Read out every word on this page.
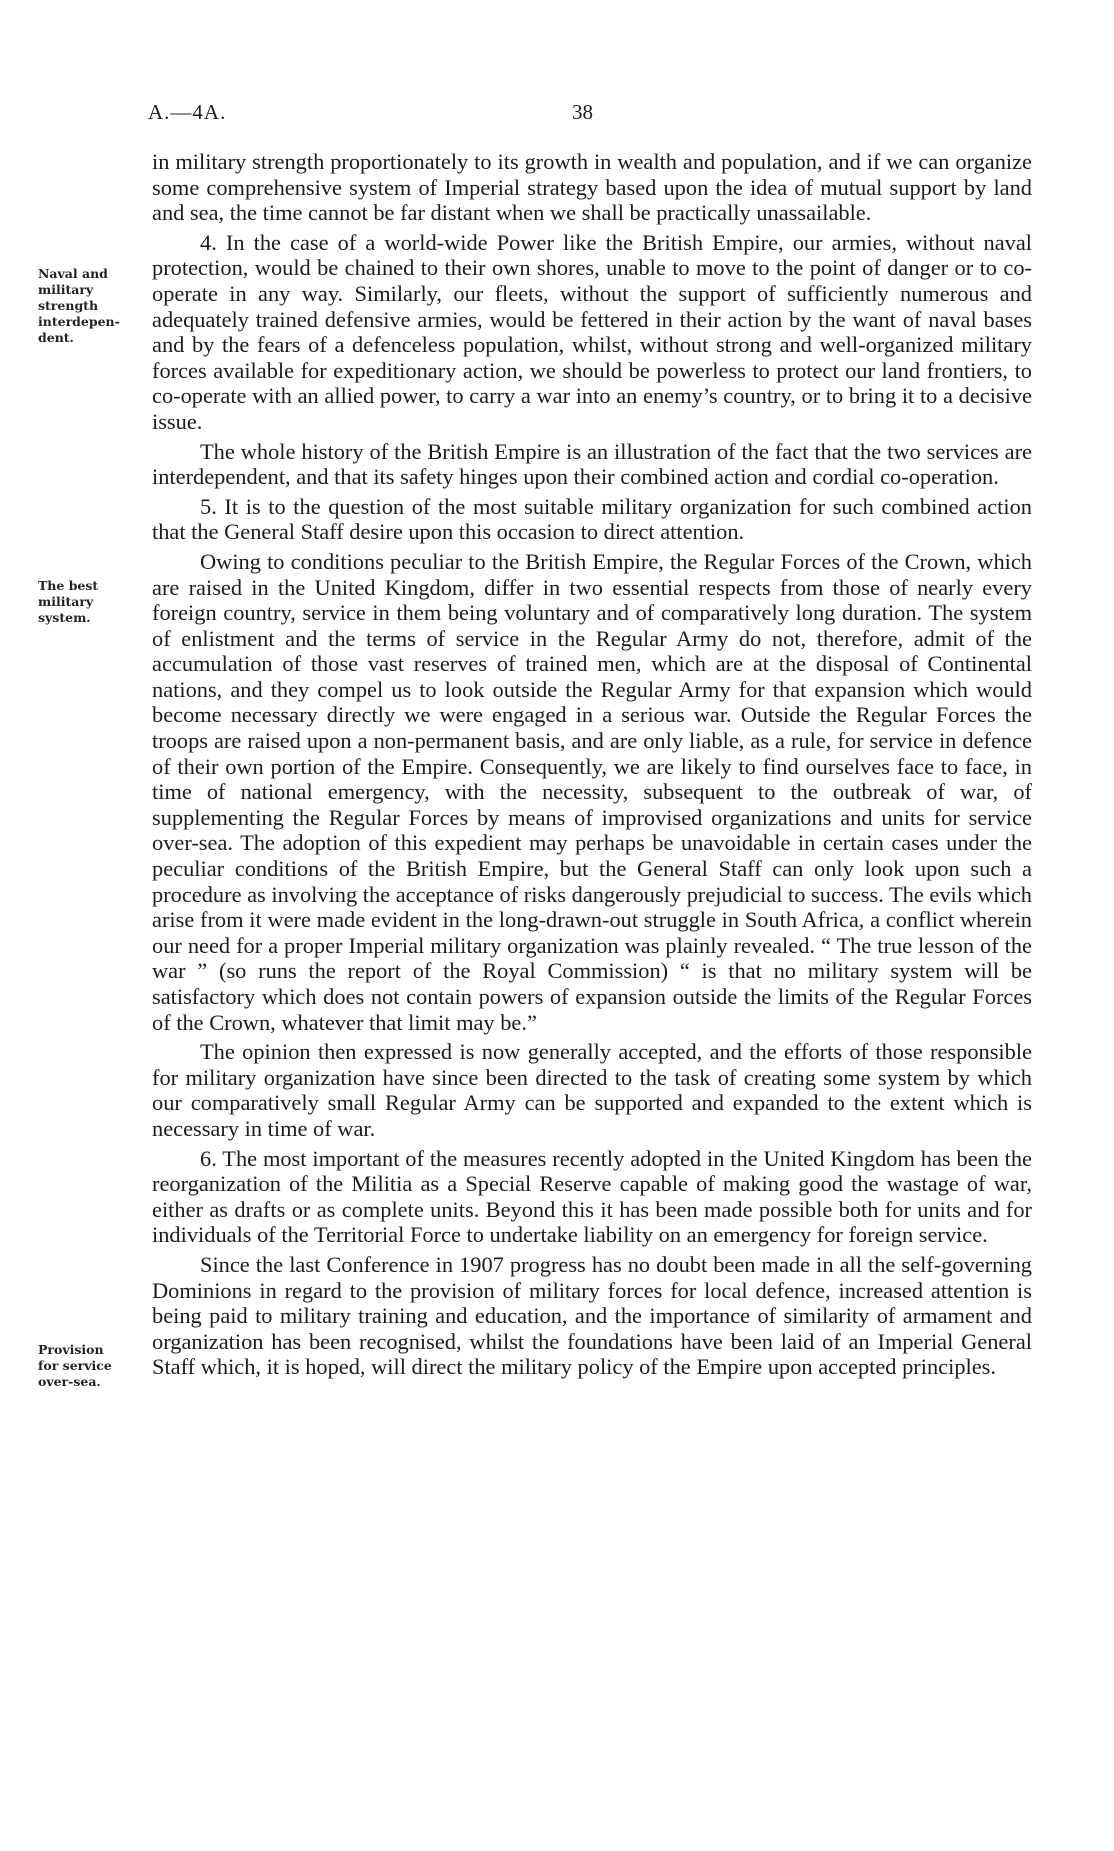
A.—4A.	38
Naval and military strength interdepen-dent.
The best military system.
Provision for service over-sea.

in military strength proportionately to its growth in wealth and population, and if we can organize some comprehensive system of Imperial strategy based upon the idea of mutual support by land and sea, the time cannot be far distant when we shall be practically unassailable.

4. In the case of a world-wide Power like the British Empire, our armies, without naval protection, would be chained to their own shores, unable to move to the point of danger or to co-operate in any way. Similarly, our fleets, without the support of sufficiently numerous and adequately trained defensive armies, would be fettered in their action by the want of naval bases and by the fears of a defenceless population, whilst, without strong and well-organized military forces available for expeditionary action, we should be powerless to protect our land frontiers, to co-operate with an allied power, to carry a war into an enemy’s country, or to bring it to a decisive issue.

The whole history of the British Empire is an illustration of the fact that the two services are interdependent, and that its safety hinges upon their combined action and cordial co-operation.

5. It is to the question of the most suitable military organization for such combined action that the General Staff desire upon this occasion to direct attention.

Owing to conditions peculiar to the British Empire, the Regular Forces of the Crown, which are raised in the United Kingdom, differ in two essential respects from those of nearly every foreign country, service in them being voluntary and of comparatively long duration. The system of enlistment and the terms of service in the Regular Army do not, therefore, admit of the accumulation of those vast reserves of trained men, which are at the disposal of Continental nations, and they compel us to look outside the Regular Army for that expansion which would become necessary directly we were engaged in a serious war. Outside the Regular Forces the troops are raised upon a non-permanent basis, and are only liable, as a rule, for service in defence of their own portion of the Empire. Consequently, we are likely to find ourselves face to face, in time of national emergency, with the necessity, subsequent to the outbreak of war, of supplementing the Regular Forces by means of improvised organizations and units for service over-sea. The adoption of this expedient may perhaps be unavoidable in certain cases under the peculiar conditions of the British Empire, but the General Staff can only look upon such a procedure as involving the acceptance of risks dangerously prejudicial to success. The evils which arise from it were made evident in the long-drawn-out struggle in South Africa, a conflict wherein our need for a proper Imperial military organization was plainly revealed. “ The true lesson of the war ” (so runs the report of the Royal Commission) “ is that no military system will be satisfactory which does not contain powers of expansion outside the limits of the Regular Forces of the Crown, whatever that limit may be.”

The opinion then expressed is now generally accepted, and the efforts of those responsible for military organization have since been directed to the task of creating some system by which our comparatively small Regular Army can be supported and expanded to the extent which is necessary in time of war.

6. The most important of the measures recently adopted in the United Kingdom has been the reorganization of the Militia as a Special Reserve capable of making good the wastage of war, either as drafts or as complete units. Beyond this it has been made possible both for units and for individuals of the Territorial Force to undertake liability on an emergency for foreign service.

Since the last Conference in 1907 progress has no doubt been made in all the self-governing Dominions in regard to the provision of military forces for local defence, increased attention is being paid to military training and education, and the importance of similarity of armament and organization has been recognised, whilst the foundations have been laid of an Imperial General Staff which, it is hoped, will direct the military policy of the Empire upon accepted principles.
